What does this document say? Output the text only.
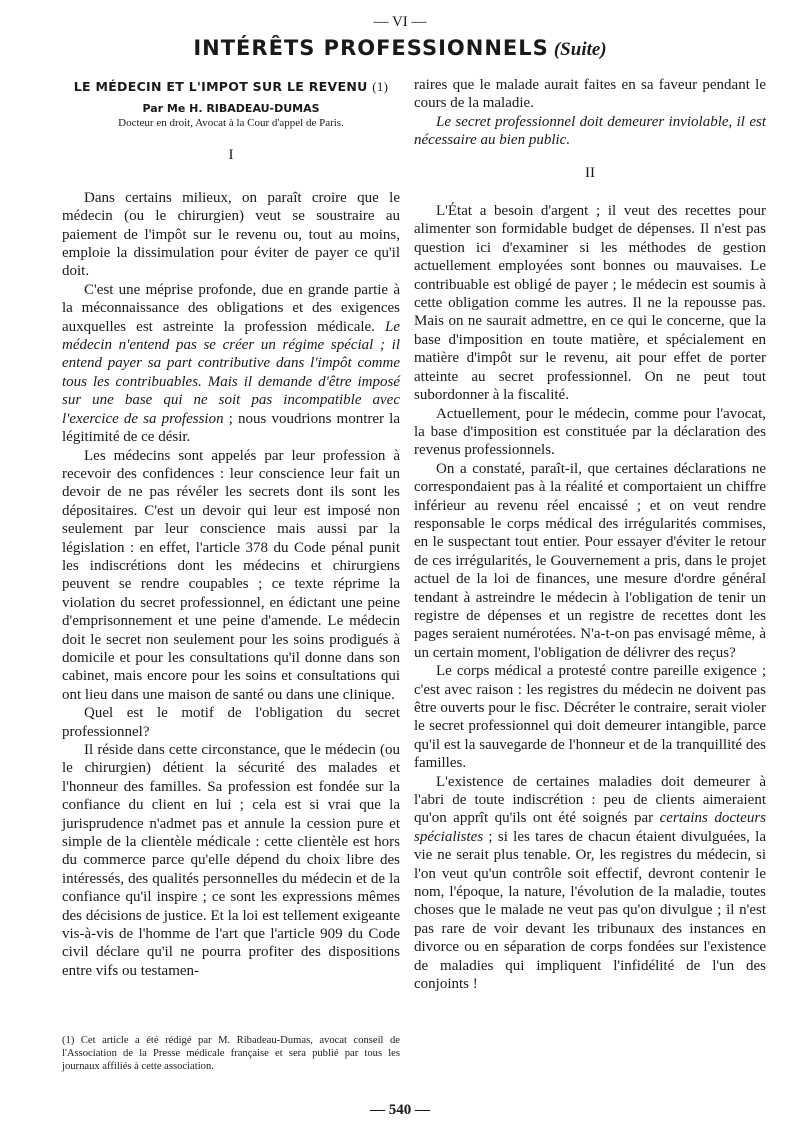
— VI —
INTÉRÊTS PROFESSIONNELS (Suite)
LE MÉDECIN ET L'IMPOT SUR LE REVENU (1)
Par Me H. RIBADEAU-DUMAS
Docteur en droit, Avocat à la Cour d'appel de Paris.
I

Dans certains milieux, on paraît croire que le médecin (ou le chirurgien) veut se soustraire au paiement de l'impôt sur le revenu ou, tout au moins, emploie la dissimulation pour éviter de payer ce qu'il doit.

C'est une méprise profonde, due en grande partie à la méconnaissance des obligations et des exigences auxquelles est astreinte la profession médicale. Le médecin n'entend pas se créer un régime spécial ; il entend payer sa part contributive dans l'impôt comme tous les contribuables. Mais il demande d'être imposé sur une base qui ne soit pas incompatible avec l'exercice de sa profession ; nous voudrions montrer la légitimité de ce désir.

Les médecins sont appelés par leur profession à recevoir des confidences : leur conscience leur fait un devoir de ne pas révéler les secrets dont ils sont les dépositaires. C'est un devoir qui leur est imposé non seulement par leur conscience mais aussi par la législation : en effet, l'article 378 du Code pénal punit les indiscrétions dont les médecins et chirurgiens peuvent se rendre coupables ; ce texte réprime la violation du secret professionnel, en édictant une peine d'emprisonnement et une peine d'amende. Le médecin doit le secret non seulement pour les soins prodigués à domicile et pour les consultations qu'il donne dans son cabinet, mais encore pour les soins et consultations qui ont lieu dans une maison de santé ou dans une clinique.

Quel est le motif de l'obligation du secret professionnel?

Il réside dans cette circonstance, que le médecin (ou le chirurgien) détient la sécurité des malades et l'honneur des familles. Sa profession est fondée sur la confiance du client en lui ; cela est si vrai que la jurisprudence n'admet pas et annule la cession pure et simple de la clientèle médicale : cette clientèle est hors du commerce parce qu'elle dépend du choix libre des intéressés, des qualités personnelles du médecin et de la confiance qu'il inspire ; ce sont les expressions mêmes des décisions de justice. Et la loi est tellement exigeante vis-à-vis de l'homme de l'art que l'article 909 du Code civil déclare qu'il ne pourra profiter des dispositions entre vifs ou testamen-

raires que le malade aurait faites en sa faveur pendant le cours de la maladie.

Le secret professionnel doit demeurer inviolable, il est nécessaire au bien public.

II

L'État a besoin d'argent ; il veut des recettes pour alimenter son formidable budget de dépenses. Il n'est pas question ici d'examiner si les méthodes de gestion actuellement employées sont bonnes ou mauvaises. Le contribuable est obligé de payer ; le médecin est soumis à cette obligation comme les autres. Il ne la repousse pas. Mais on ne saurait admettre, en ce qui le concerne, que la base d'imposition en toute matière, et spécialement en matière d'impôt sur le revenu, ait pour effet de porter atteinte au secret professionnel. On ne peut tout subordonner à la fiscalité.

Actuellement, pour le médecin, comme pour l'avocat, la base d'imposition est constituée par la déclaration des revenus professionnels.

On a constaté, paraît-il, que certaines déclarations ne correspondaient pas à la réalité et comportaient un chiffre inférieur au revenu réel encaissé ; et on veut rendre responsable le corps médical des irrégularités commises, en le suspectant tout entier. Pour essayer d'éviter le retour de ces irrégularités, le Gouvernement a pris, dans le projet actuel de la loi de finances, une mesure d'ordre général tendant à astreindre le médecin à l'obligation de tenir un registre de dépenses et un registre de recettes dont les pages seraient numérotées. N'a-t-on pas envisagé même, à un certain moment, l'obligation de délivrer des reçus?

Le corps médical a protesté contre pareille exigence ; c'est avec raison : les registres du médecin ne doivent pas être ouverts pour le fisc. Décréter le contraire, serait violer le secret professionnel qui doit demeurer intangible, parce qu'il est la sauvegarde de l'honneur et de la tranquillité des familles.

L'existence de certaines maladies doit demeurer à l'abri de toute indiscrétion : peu de clients aimeraient qu'on apprît qu'ils ont été soignés par certains docteurs spécialistes ; si les tares de chacun étaient divulguées, la vie ne serait plus tenable. Or, les registres du médecin, si l'on veut qu'un contrôle soit effectif, devront contenir le nom, l'époque, la nature, l'évolution de la maladie, toutes choses que le malade ne veut pas qu'on divulgue ; il n'est pas rare de voir devant les tribunaux des instances en divorce ou en séparation de corps fondées sur l'existence de maladies qui impliquent l'infidélité de l'un des conjoints !

(1) Cet article a été rédigé par M. Ribadeau-Dumas, avocat conseil de l'Association de la Presse médicale française et sera publié par tous les journaux affiliés à cette association.
— 540 —
